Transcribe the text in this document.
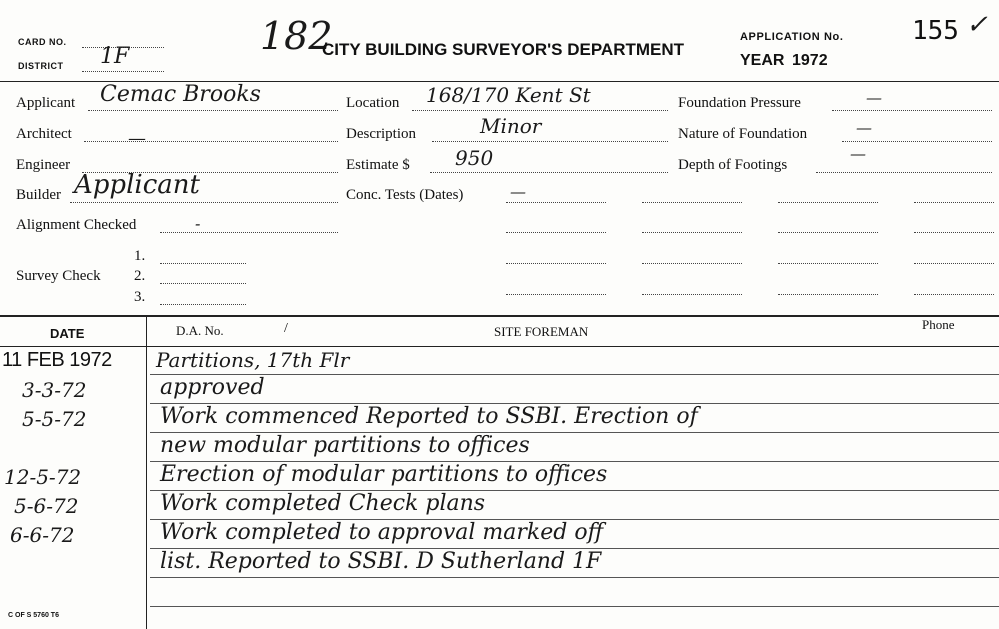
CARD NO.
DISTRICT 1F	182
CITY BUILDING SURVEYOR'S DEPARTMENT
APPLICATION No.	155 ✓
YEAR 1972
Applicant Cemac Brooks
Architect	—
Engineer
Builder Applicant
Alignment Checked	-
Survey Check
1.
2.
3.
Location 168/170 Kent St
Description	Minor
Estimate $ 950
Conc. Tests (Dates)	—
Foundation Pressure	—
Nature of Foundation	—
Depth of Footings
—
DATE	D.A. No.	/	SITE FOREMAN	Phone
11 FEB 1972 Partitions, 17th Flr
3-3-72	approved
5-5-72	Work commenced Reported to SSBI. Erection of
new modular partitions to offices
12-5-72	Erection of modular partitions to offices
5-6-72	Work completed Check plans
6-6-72	Work completed to approval marked off
list. Reported to SSBI. D Sutherland 1F
C OF S 5760 T6
